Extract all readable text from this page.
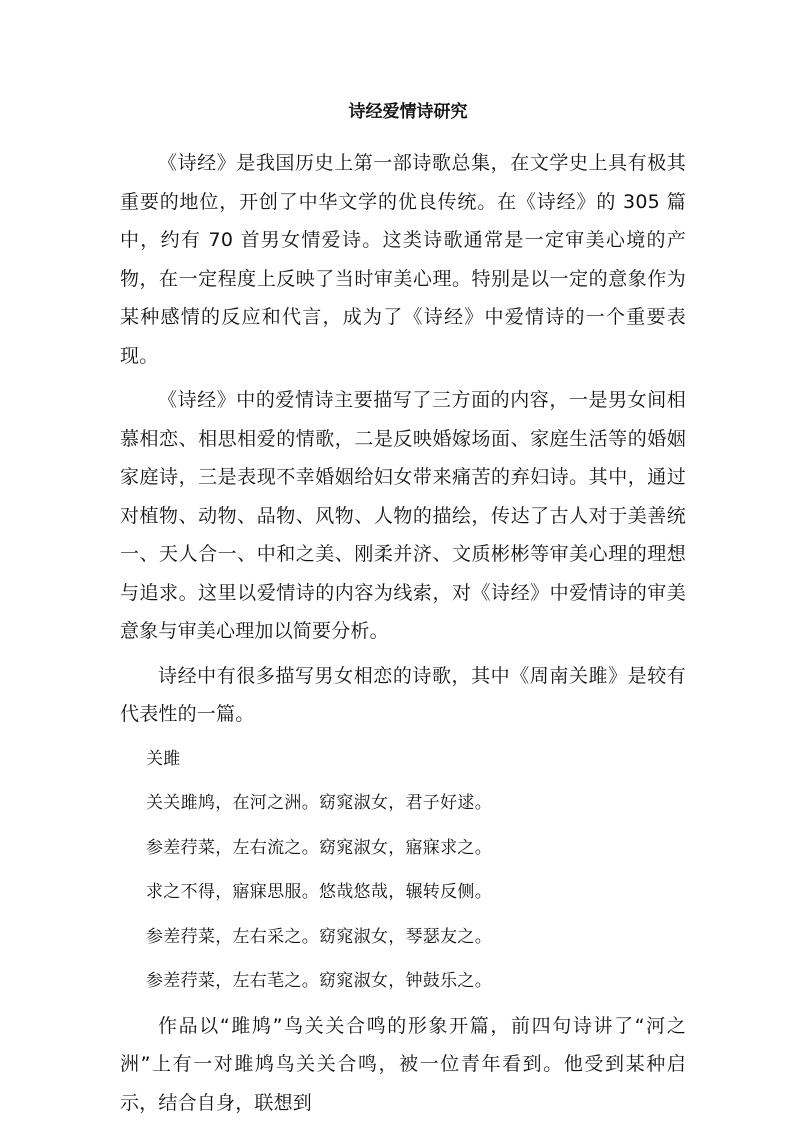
诗经爱情诗研究

《诗经》是我国历史上第一部诗歌总集，在文学史上具有极其重要的地位，开创了中华文学的优良传统。在《诗经》的 305 篇中，约有 70 首男女情爱诗。这类诗歌通常是一定审美心境的产物，在一定程度上反映了当时审美心理。特别是以一定的意象作为某种感情的反应和代言，成为了《诗经》中爱情诗的一个重要表现。

《诗经》中的爱情诗主要描写了三方面的内容，一是男女间相慕相恋、相思相爱的情歌，二是反映婚嫁场面、家庭生活等的婚姻家庭诗，三是表现不幸婚姻给妇女带来痛苦的弃妇诗。其中，通过对植物、动物、品物、风物、人物的描绘，传达了古人对于美善统一、天人合一、中和之美、刚柔并济、文质彬彬等审美心理的理想与追求。这里以爱情诗的内容为线索，对《诗经》中爱情诗的审美意象与审美心理加以简要分析。

诗经中有很多描写男女相恋的诗歌，其中《周南关雎》是较有代表性的一篇。

关雎
关关雎鸠，在河之洲。窈窕淑女，君子好逑。
参差荇菜，左右流之。窈窕淑女，寤寐求之。
求之不得，寤寐思服。悠哉悠哉，辗转反侧。
参差荇菜，左右采之。窈窕淑女，琴瑟友之。
参差荇菜，左右芼之。窈窕淑女，钟鼓乐之。

作品以“雎鸠”鸟关关合鸣的形象开篇，前四句诗讲了“河之洲”上有一对雎鸠鸟关关合鸣，被一位青年看到。他受到某种启示，结合自身，联想到
